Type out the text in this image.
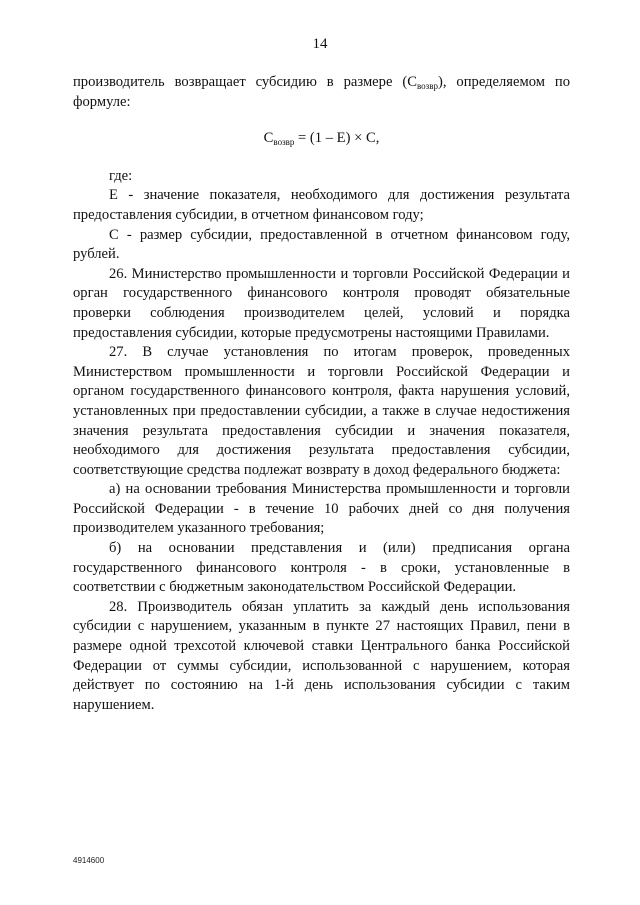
14

производитель возвращает субсидию в размере $(С_{возвр})$, определяемом по формуле:

$С_{возвр} = (1 - E) \times С$,

где:

E - значение показателя, необходимого для достижения результата предоставления субсидии, в отчетном финансовом году;

С - размер субсидии, предоставленной в отчетном финансовом году, рублей.

26. Министерство промышленности и торговли Российской Федерации и орган государственного финансового контроля проводят обязательные проверки соблюдения производителем целей, условий и порядка предоставления субсидии, которые предусмотрены настоящими Правилами.

27. В случае установления по итогам проверок, проведенных Министерством промышленности и торговли Российской Федерации и органом государственного финансового контроля, факта нарушения условий, установленных при предоставлении субсидии, а также в случае недостижения значения результата предоставления субсидии и значения показателя, необходимого для достижения результата предоставления субсидии, соответствующие средства подлежат возврату в доход федерального бюджета:

а) на основании требования Министерства промышленности и торговли Российской Федерации - в течение 10 рабочих дней со дня получения производителем указанного требования;

б) на основании представления и (или) предписания органа государственного финансового контроля - в сроки, установленные в соответствии с бюджетным законодательством Российской Федерации.

28. Производитель обязан уплатить за каждый день использования субсидии с нарушением, указанным в пункте 27 настоящих Правил, пени в размере одной трехсотой ключевой ставки Центрального банка Российской Федерации от суммы субсидии, использованной с нарушением, которая действует по состоянию на 1-й день использования субсидии с таким нарушением.

4914600
